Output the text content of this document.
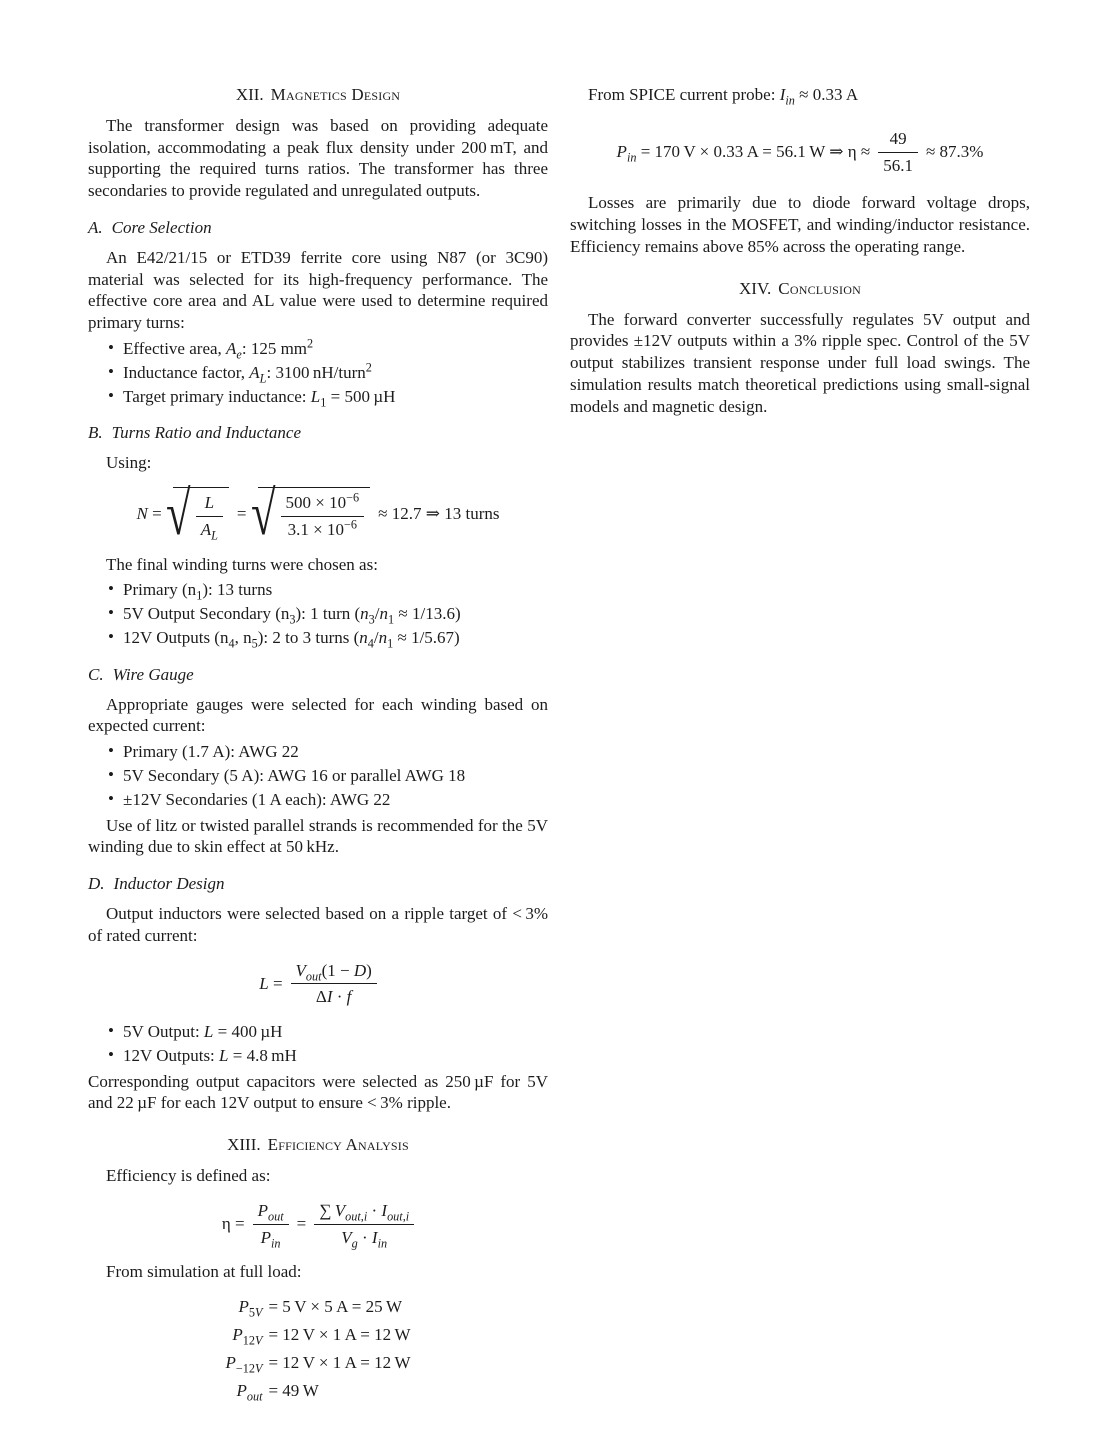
XII. Magnetics Design

The transformer design was based on providing adequate isolation, accommodating a peak flux density under 200 mT, and supporting the required turns ratios. The transformer has three secondaries to provide regulated and unregulated outputs.

A. Core Selection

An E42/21/15 or ETD39 ferrite core using N87 (or 3C90) material was selected for its high-frequency performance. The effective core area and AL value were used to determine required primary turns:

• Effective area, $A_e$: 125 $mm^2$
• Inductance factor, $A_L$: 3100 nH/turn$^2$
• Target primary inductance: $L_1 = 500$ µH
B. Turns Ratio and Inductance

Using:

N = √ $\frac{L}{A_L}$ = √ $\frac{500 \times 10^{-6}}{3.1 \times 10^{-6}} \approx 12.7$ ⇒ 13 turns

The final winding turns were chosen as:

• Primary $(n_1)$: 13 turns
• 5V Output Secondary $(n_3)$: 1 turn $(n_3/n_1 \approx 1/13.6)$
• 12V Outputs ($n_4$, $n_5$): 2 to 3 turns $(n_4/n_1 \approx 1/5.67)$
C. Wire Gauge

Appropriate gauges were selected for each winding based on expected current:

• Primary (1.7 A): AWG 22
• 5V Secondary (5 A): AWG 16 or parallel AWG 18
• ±12V Secondaries (1 A each): AWG 22

Use of litz or twisted parallel strands is recommended for the 5V winding due to skin effect at 50 kHz.

D. Inductor Design

Output inductors were selected based on a ripple target of < 3% of rated current:

$L = \frac{V_{out}(1 - D)}{\Delta I \cdot f}$
• 5V Output: L = 400 µH
• 12V Outputs: L = 4.8 mH

Corresponding output capacitors were selected as 250 µF for 5V and 22 µF for each 12V output to ensure < 3% ripple.

XIII. Efficiency Analysis

Efficiency is defined as:

$\eta = \frac{P_{out}}{P_{in}} = \frac{\sum V_{out,i} \cdot I_{out,i}}{V_g \cdot I_{in}}$

From simulation at full load:

$P_{5V} = 5$ V × 5 A = 25 W
$P_{12V} = 12$ V × 1 A = 12 W
$P_{-12V} = 12$ V × 1 A = 12 W
$P_{out} = 49$ W

From SPICE current probe: $I_{in} \approx 0.33$ A

$P_{in} = 170$ V × 0.33 A = 56.1 W ⇒ $\eta \approx \frac{49}{56.1} \approx 87.3\%$

Losses are primarily due to diode forward voltage drops, switching losses in the MOSFET, and winding/inductor resistance. Efficiency remains above 85% across the operating range.

XIV. Conclusion

The forward converter successfully regulates 5V output and provides ±12V outputs within a 3% ripple spec. Control of the 5V output stabilizes transient response under full load swings. The simulation results match theoretical predictions using small-signal models and magnetic design.
